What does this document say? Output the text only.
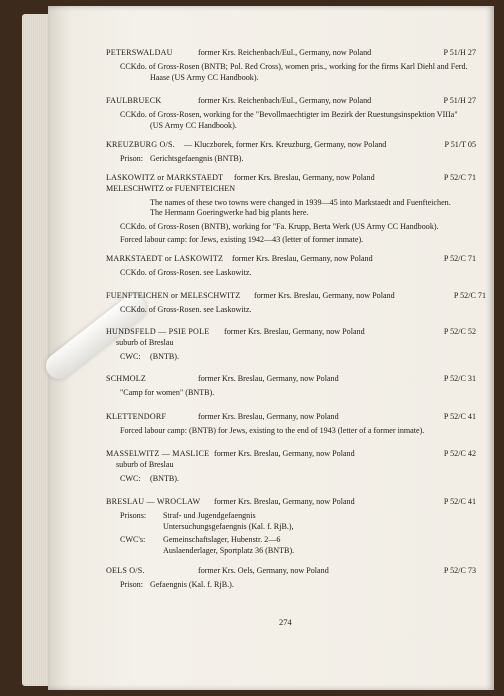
PETERSWALDAU	former Krs. Reichenbach/Eul., Germany, now Poland	P 51/H 27
CCKdo. of Gross-Rosen (BNTB; Pol. Red Cross), women pris., working for the firms Karl Diehl and Ferd.
Haase (US Army CC Handbook).
FAULBRUECK	former Krs. Reichenbach/Eul., Germany, now Poland	P 51/H 27
CCKdo. of Gross-Rosen, working for the "Bevollmaechtigter im Bezirk der Ruestungsinspektion VIIIa"
(US Army CC Handbook).
KREUZBURG O/S. — Kluczborek, former Krs. Kreuzburg, Germany, now Poland	P 51/T 05
Prison: Gerichtsgefaengnis (BNTB).
LASKOWITZ or MARKSTAEDT former Krs. Breslau, Germany, now Poland	P 52/C 71
MELESCHWITZ or FUENFTEICHEN
The names of these two towns were changed in 1939—45 into Markstaedt and Fuenfteichen.
The Hermann Goeringwerke had big plants here.
CCKdo. of Gross-Rosen (BNTB), working for "Fa. Krupp, Berta Werk (US Army CC Handbook).
Forced labour camp: for Jews, existing 1942—43 (letter of former inmate).
MARKSTAEDT or LASKOWITZ former Krs. Breslau, Germany, now Poland	P 52/C 71
CCKdo. of Gross-Rosen. see Laskowitz.
FUENFTEICHEN or MELESCHWITZ former Krs. Breslau, Germany, now Poland	P 52/C 71
CCKdo. of Gross-Rosen. see Laskowitz.
HUNDSFELD — PSIE POLE former Krs. Breslau, Germany, now Poland	P 52/C 52
suburb of Breslau
CWC:	(BNTB).
SCHMOLZ	former Krs. Breslau, Germany, now Poland	P 52/C 31
"Camp for women" (BNTB).
KLETTENDORF	former Krs. Breslau, Germany, now Poland	P 52/C 41
Forced labour camp: (BNTB) for Jews, existing to the end of 1943 (letter of a former inmate).
MASSELWITZ — MASLICE former Krs. Breslau, Germany, now Poland	P 52/C 42
suburb of Breslau
CWC:	(BNTB).
BRESLAU — WROCLAW former Krs. Breslau, Germany, now Poland	P 52/C 41
Prisons:	Straf- und Jugendgefaengnis
Untersuchungsgefaengnis (Kal. f. RjB.),
CWC's:	Gemeinschaftslager, Hubenstr. 2—6
Auslaenderlager, Sportplatz 36 (BNTB).
OELS O/S.	former Krs. Oels, Germany, now Poland	P 52/C 73
Prison: Gefaengnis (Kal. f. RjB.).
274
